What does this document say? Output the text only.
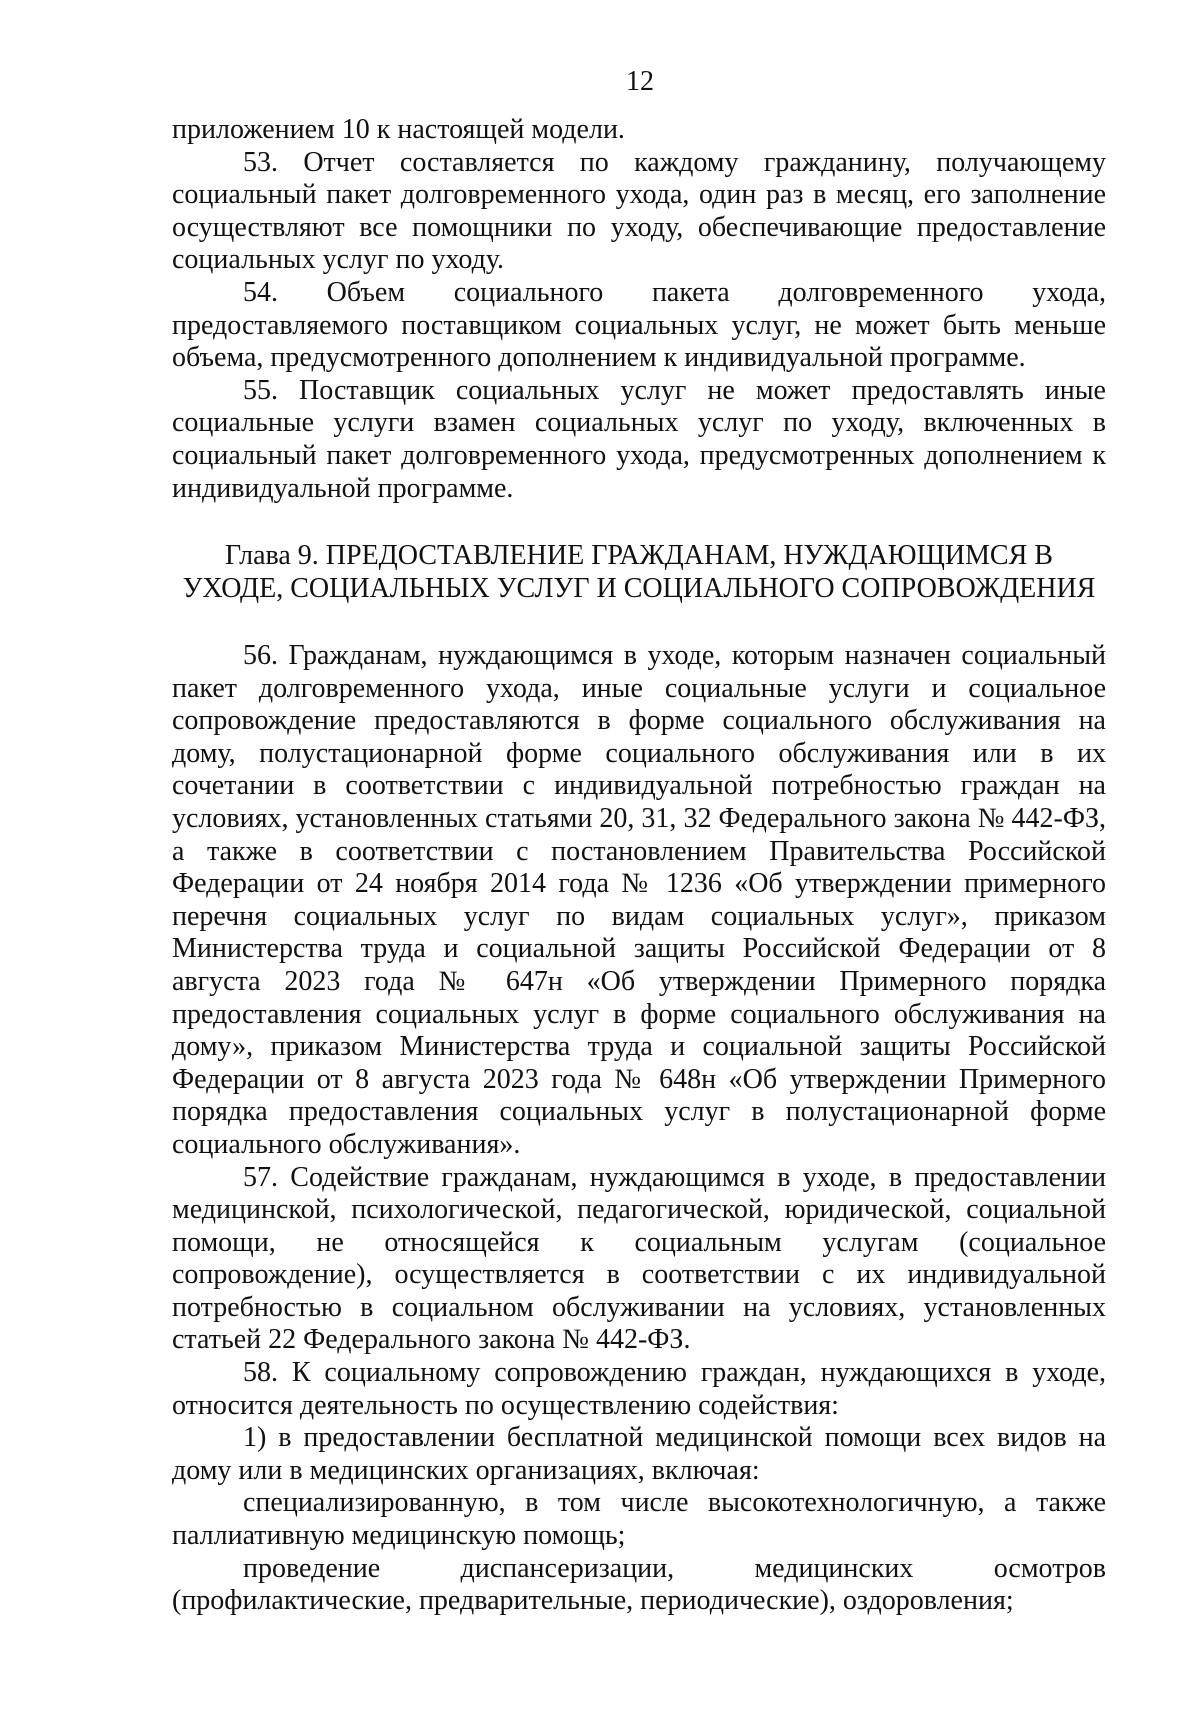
12

приложением 10 к настоящей модели.

53. Отчет составляется по каждому гражданину, получающему социальный пакет долговременного ухода, один раз в месяц, его заполнение осуществляют все помощники по уходу, обеспечивающие предоставление социальных услуг по уходу.

54. Объем социального пакета долговременного ухода, предоставляемого поставщиком социальных услуг, не может быть меньше объема, предусмотренного дополнением к индивидуальной программе.

55. Поставщик социальных услуг не может предоставлять иные социальные услуги взамен социальных услуг по уходу, включенных в социальный пакет долговременного ухода, предусмотренных дополнением к индивидуальной программе.

Глава 9. ПРЕДОСТАВЛЕНИЕ ГРАЖДАНАМ, НУЖДАЮЩИМСЯ В
УХОДЕ, СОЦИАЛЬНЫХ УСЛУГ И СОЦИАЛЬНОГО СОПРОВОЖДЕНИЯ

56. Гражданам, нуждающимся в уходе, которым назначен социальный пакет долговременного ухода, иные социальные услуги и социальное сопровождение предоставляются в форме социального обслуживания на дому, полустационарной форме социального обслуживания или в их сочетании в соответствии с индивидуальной потребностью граждан на условиях, установленных статьями 20, 31, 32 Федерального закона № 442-ФЗ, а также в соответствии с постановлением Правительства Российской Федерации от 24 ноября 2014 года № 1236 «Об утверждении примерного перечня социальных услуг по видам социальных услуг», приказом Министерства труда и социальной защиты Российской Федерации от 8 августа 2023 года № 647н «Об утверждении Примерного порядка предоставления социальных услуг в форме социального обслуживания на дому», приказом Министерства труда и социальной защиты Российской Федерации от 8 августа 2023 года № 648н «Об утверждении Примерного порядка предоставления социальных услуг в полустационарной форме социального обслуживания».

57. Содействие гражданам, нуждающимся в уходе, в предоставлении медицинской, психологической, педагогической, юридической, социальной помощи, не относящейся к социальным услугам (социальное сопровождение), осуществляется в соответствии с их индивидуальной потребностью в социальном обслуживании на условиях, установленных статьей 22 Федерального закона № 442-ФЗ.

58. К социальному сопровождению граждан, нуждающихся в уходе, относится деятельность по осуществлению содействия:

1) в предоставлении бесплатной медицинской помощи всех видов на дому или в медицинских организациях, включая:

специализированную, в том числе высокотехнологичную, а также паллиативную медицинскую помощь;

проведение диспансеризации, медицинских осмотров (профилактические, предварительные, периодические), оздоровления;
